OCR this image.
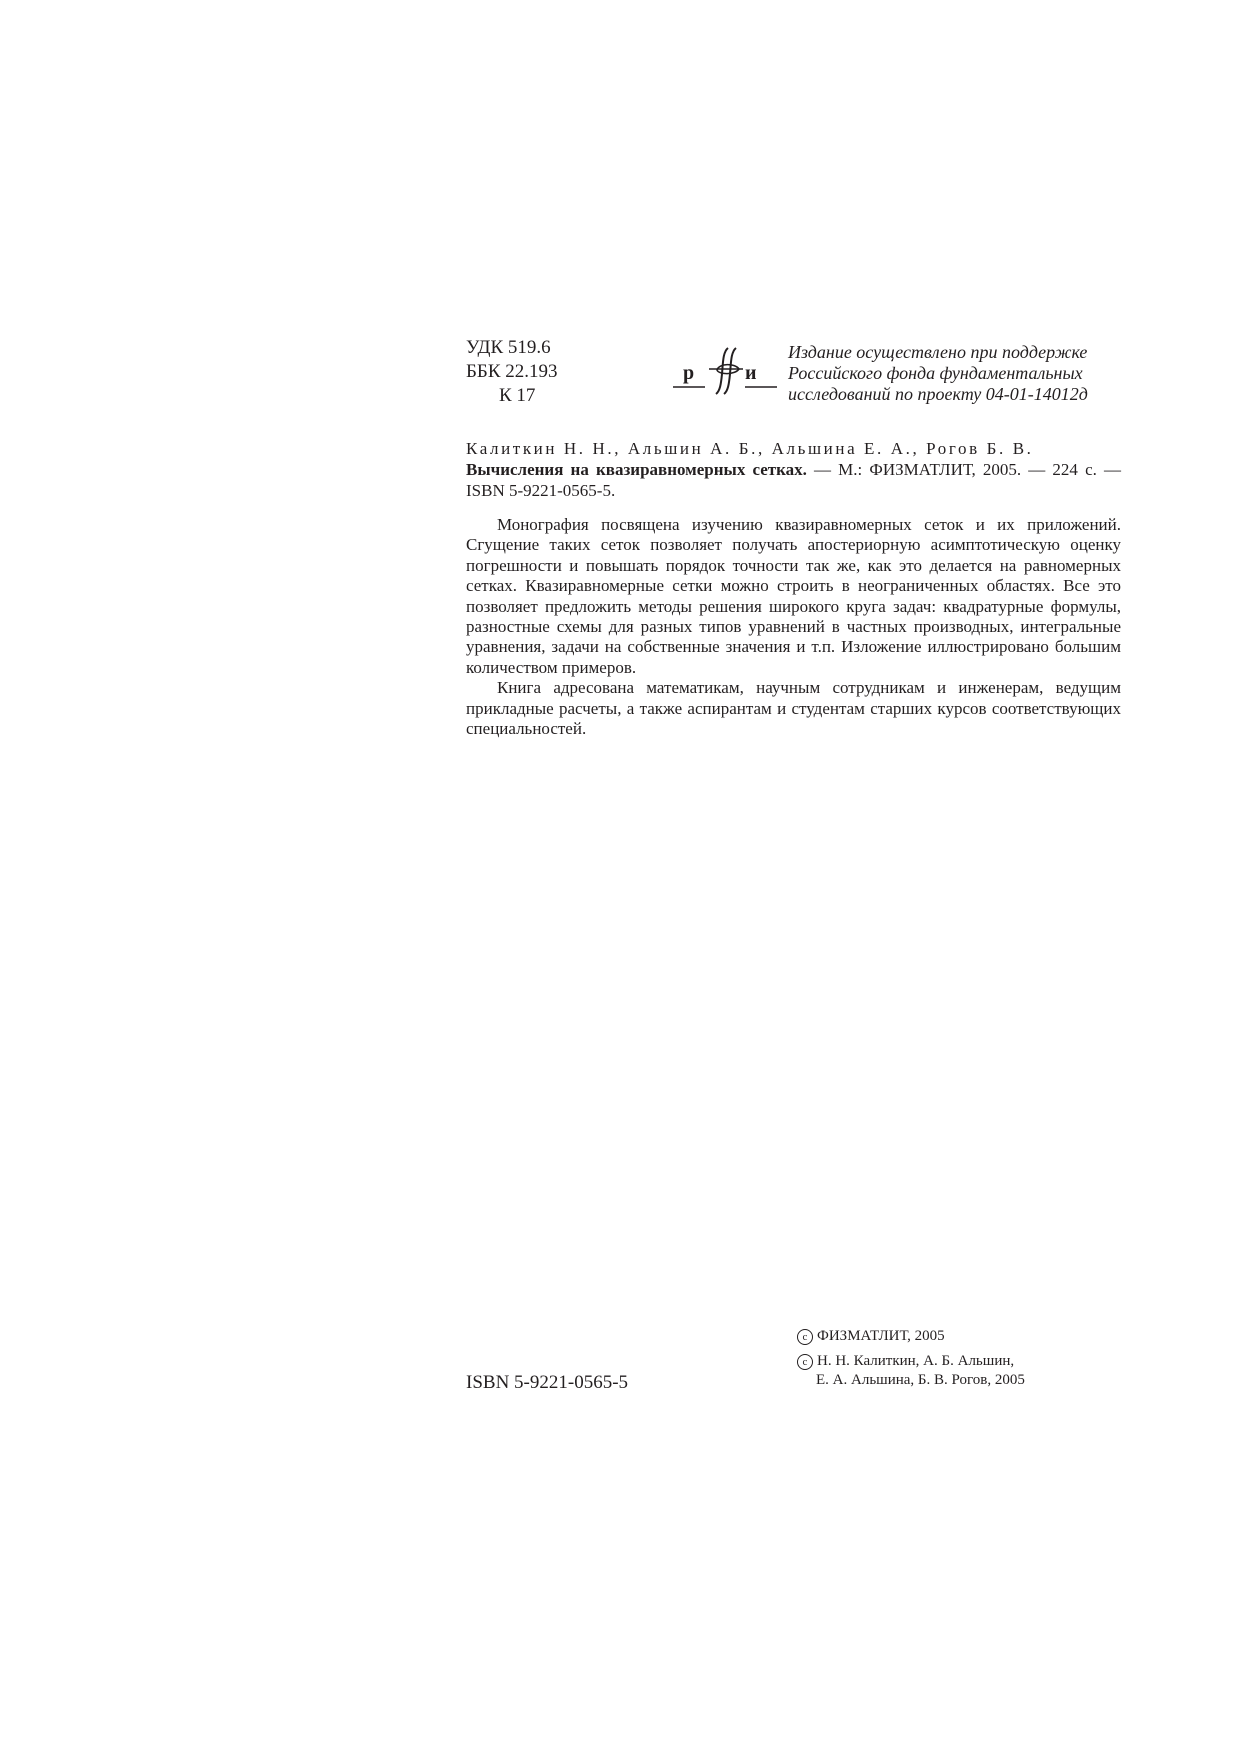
УДК 519.6
ББК 22.193
К 17
р	и
Издание осуществлено при поддержке
Российского фонда фундаментальных
исследований по проекту 04-01-14012д
Калиткин Н. Н., Альшин А. Б., Альшина Е. А., Рогов Б. В.
Вычисления на квазиравномерных сетках. — М.: ФИЗМАТЛИТ, 2005. — 224 с. — ISBN 5-9221-0565-5.

Монография посвящена изучению квазиравномерных сеток и их приложений. Сгущение таких сеток позволяет получать апостериорную асимптотическую оценку погрешности и повышать порядок точности так же, как это делается на равномерных сетках. Квазиравномерные сетки можно строить в неограниченных областях. Все это позволяет предложить методы решения широкого круга задач: квадратурные формулы, разностные схемы для разных типов уравнений в частных производных, интегральные уравнения, задачи на собственные значения и т.п. Изложение иллюстрировано большим количеством примеров.

Книга адресована математикам, научным сотрудникам и инженерам, ведущим прикладные расчеты, а также аспирантам и студентам старших курсов соответствующих специальностей.

ISBN 5-9221-0565-5
c ФИЗМАТЛИТ, 2005
c Н. Н. Калиткин, А. Б. Альшин,
Е. А. Альшина, Б. В. Рогов, 2005
